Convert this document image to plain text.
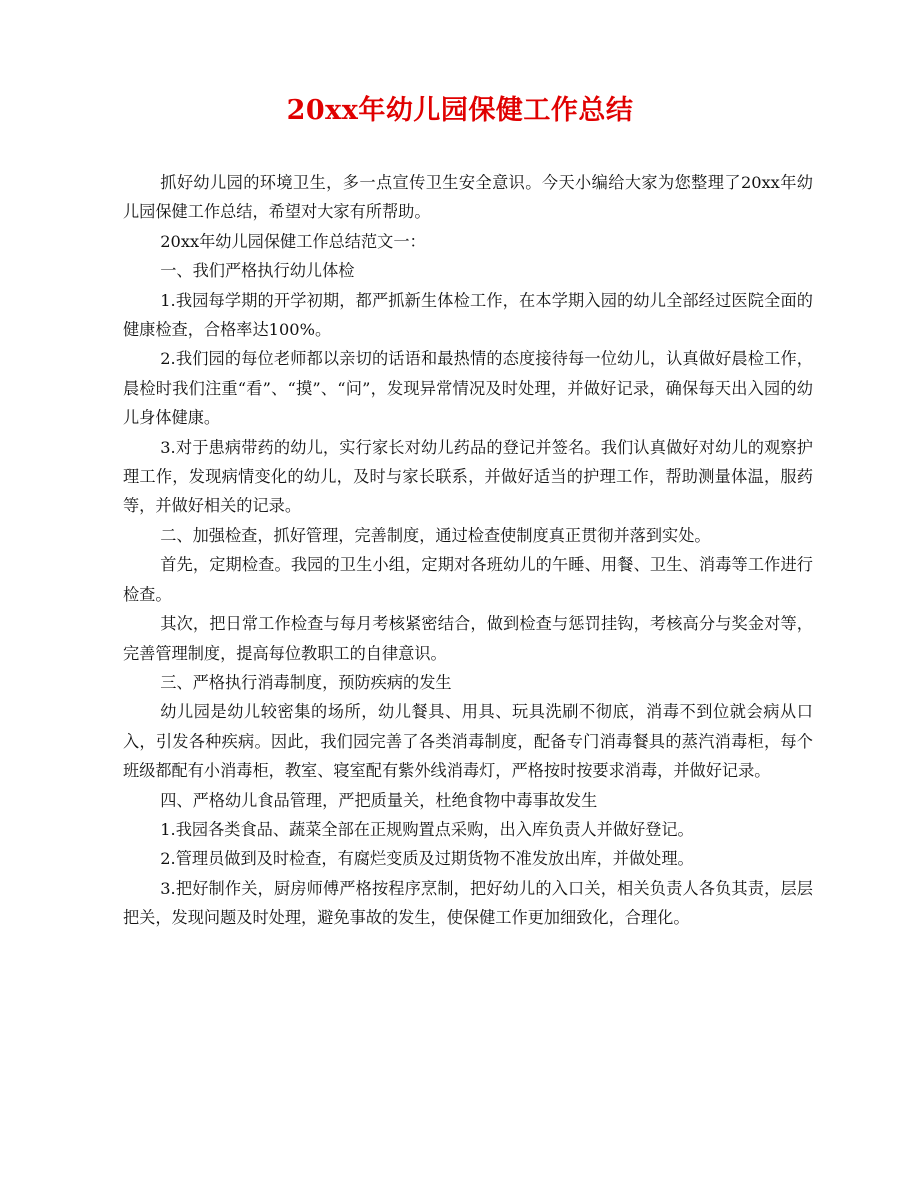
20xx年幼儿园保健工作总结

抓好幼儿园的环境卫生，多一点宣传卫生安全意识。今天小编给大家为您整理了20xx年幼儿园保健工作总结，希望对大家有所帮助。

20xx年幼儿园保健工作总结范文一：

一、我们严格执行幼儿体检

1.我园每学期的开学初期，都严抓新生体检工作，在本学期入园的幼儿全部经过医院全面的健康检查，合格率达100%。

2.我们园的每位老师都以亲切的话语和最热情的态度接待每一位幼儿，认真做好晨检工作，晨检时我们注重“看”、“摸”、“问”，发现异常情况及时处理，并做好记录，确保每天出入园的幼儿身体健康。

3.对于患病带药的幼儿，实行家长对幼儿药品的登记并签名。我们认真做好对幼儿的观察护理工作，发现病情变化的幼儿，及时与家长联系，并做好适当的护理工作，帮助测量体温，服药等，并做好相关的记录。

二、加强检查，抓好管理，完善制度，通过检查使制度真正贯彻并落到实处。

首先，定期检查。我园的卫生小组，定期对各班幼儿的午睡、用餐、卫生、消毒等工作进行检查。

其次，把日常工作检查与每月考核紧密结合，做到检查与惩罚挂钩，考核高分与奖金对等，完善管理制度，提高每位教职工的自律意识。

三、严格执行消毒制度，预防疾病的发生

幼儿园是幼儿较密集的场所，幼儿餐具、用具、玩具洗刷不彻底，消毒不到位就会病从口入，引发各种疾病。因此，我们园完善了各类消毒制度，配备专门消毒餐具的蒸汽消毒柜，每个班级都配有小消毒柜，教室、寝室配有紫外线消毒灯，严格按时按要求消毒，并做好记录。

四、严格幼儿食品管理，严把质量关，杜绝食物中毒事故发生

1.我园各类食品、蔬菜全部在正规购置点采购，出入库负责人并做好登记。

2.管理员做到及时检查，有腐烂变质及过期货物不准发放出库，并做处理。

3.把好制作关，厨房师傅严格按程序烹制，把好幼儿的入口关，相关负责人各负其责，层层把关，发现问题及时处理，避免事故的发生，使保健工作更加细致化，合理化。
